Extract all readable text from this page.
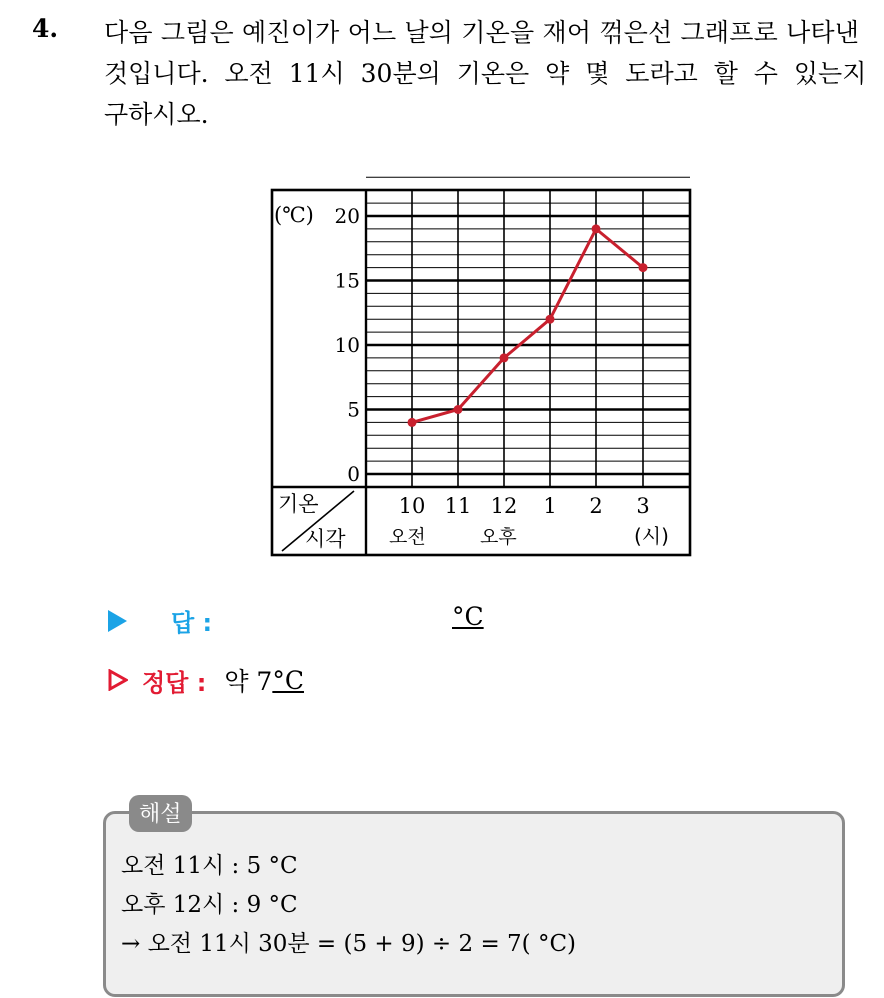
4. 다음 그림은 예진이가 어느 날의 기온을 재어 꺾은선 그래프로 나타낸
것입니다. 오전 11시 30분의 기온은 약 몇 도라고 할 수 있는지
구하시오.
(℃)
0
5
10
15
20
10 11 12 1 2 3
오전	오후	(시)
기온
시각
답 :	°C
정답 : 약 7 °C
해설
오전 11시 : 5 °C
오후 12시 : 9 °C
→ 오전 11시 30분 = (5 + 9) ÷ 2 = 7( °C)
